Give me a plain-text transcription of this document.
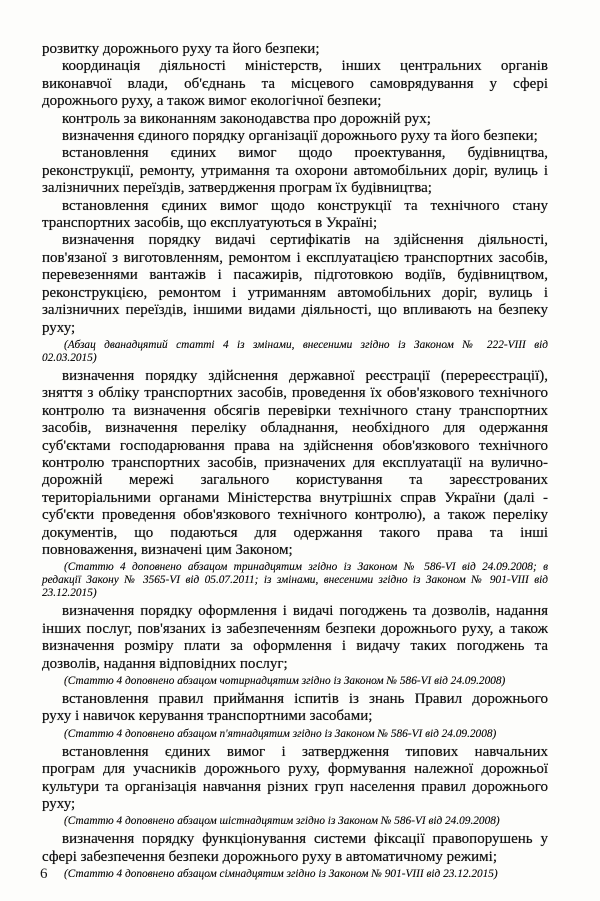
розвитку дорожнього руху та його безпеки;
координація діяльності міністерств, інших центральних органів
виконавчої влади, об'єднань та місцевого самоврядування у сфері
дорожнього руху, а також вимог екологічної безпеки;
контроль за виконанням законодавства про дорожній рух;
визначення єдиного порядку організації дорожнього руху та його безпеки;
встановлення єдиних вимог щодо проектування, будівництва,
реконструкції, ремонту, утримання та охорони автомобільних доріг, вулиць і
залізничних переїздів, затвердження програм їх будівництва;
встановлення єдиних вимог щодо конструкції та технічного стану
транспортних засобів, що експлуатуються в Україні;
визначення порядку видачі сертифікатів на здійснення діяльності,
пов'язаної з виготовленням, ремонтом і експлуатацією транспортних засобів,
перевезеннями вантажів і пасажирів, підготовкою водіїв, будівництвом,
реконструкцією, ремонтом і утриманням автомобільних доріг, вулиць і
залізничних переїздів, іншими видами діяльності, що впливають на безпеку
руху;
(Абзац дванадцятий статті 4 із змінами, внесеними згідно із Законом № 222-VIII від
02.03.2015)
визначення порядку здійснення державної реєстрації (перереєстрації),
зняття з обліку транспортних засобів, проведення їх обов'язкового технічного
контролю та визначення обсягів перевірки технічного стану транспортних
засобів, визначення переліку обладнання, необхідного для одержання
суб'єктами господарювання права на здійснення обов'язкового технічного
контролю транспортних засобів, призначених для експлуатації на вулично-
дорожній мережі загального користування та зареєстрованих
територіальними органами Міністерства внутрішніх справ України (далі -
суб'єкти проведення обов'язкового технічного контролю), а також переліку
документів, що подаються для одержання такого права та інші
повноваження, визначені цим Законом;
(Статтю 4 доповнено абзацом тринадцятим згідно із Законом № 586-VI від 24.09.2008; в
редакції Закону № 3565-VI від 05.07.2011; із змінами, внесеними згідно із Законом № 901-VIII від
23.12.2015)
визначення порядку оформлення і видачі погоджень та дозволів, надання
інших послуг, пов'язаних із забезпеченням безпеки дорожнього руху, а також
визначення розміру плати за оформлення і видачу таких погоджень та
дозволів, надання відповідних послуг;
(Статтю 4 доповнено абзацом чотирнадцятим згідно із Законом № 586-VI від 24.09.2008)
встановлення правил приймання іспитів із знань Правил дорожнього
руху і навичок керування транспортними засобами;
(Статтю 4 доповнено абзацом п'ятнадцятим згідно із Законом № 586-VI від 24.09.2008)
встановлення єдиних вимог і затвердження типових навчальних
програм для учасників дорожнього руху, формування належної дорожньої
культури та організація навчання різних груп населення правил дорожнього
руху;
(Статтю 4 доповнено абзацом шістнадцятим згідно із Законом № 586-VI від 24.09.2008)
визначення порядку функціонування системи фіксації правопорушень у
сфері забезпечення безпеки дорожнього руху в автоматичному режимі;
(Статтю 4 доповнено абзацом сімнадцятим згідно із Законом № 901-VIII від 23.12.2015)
6
